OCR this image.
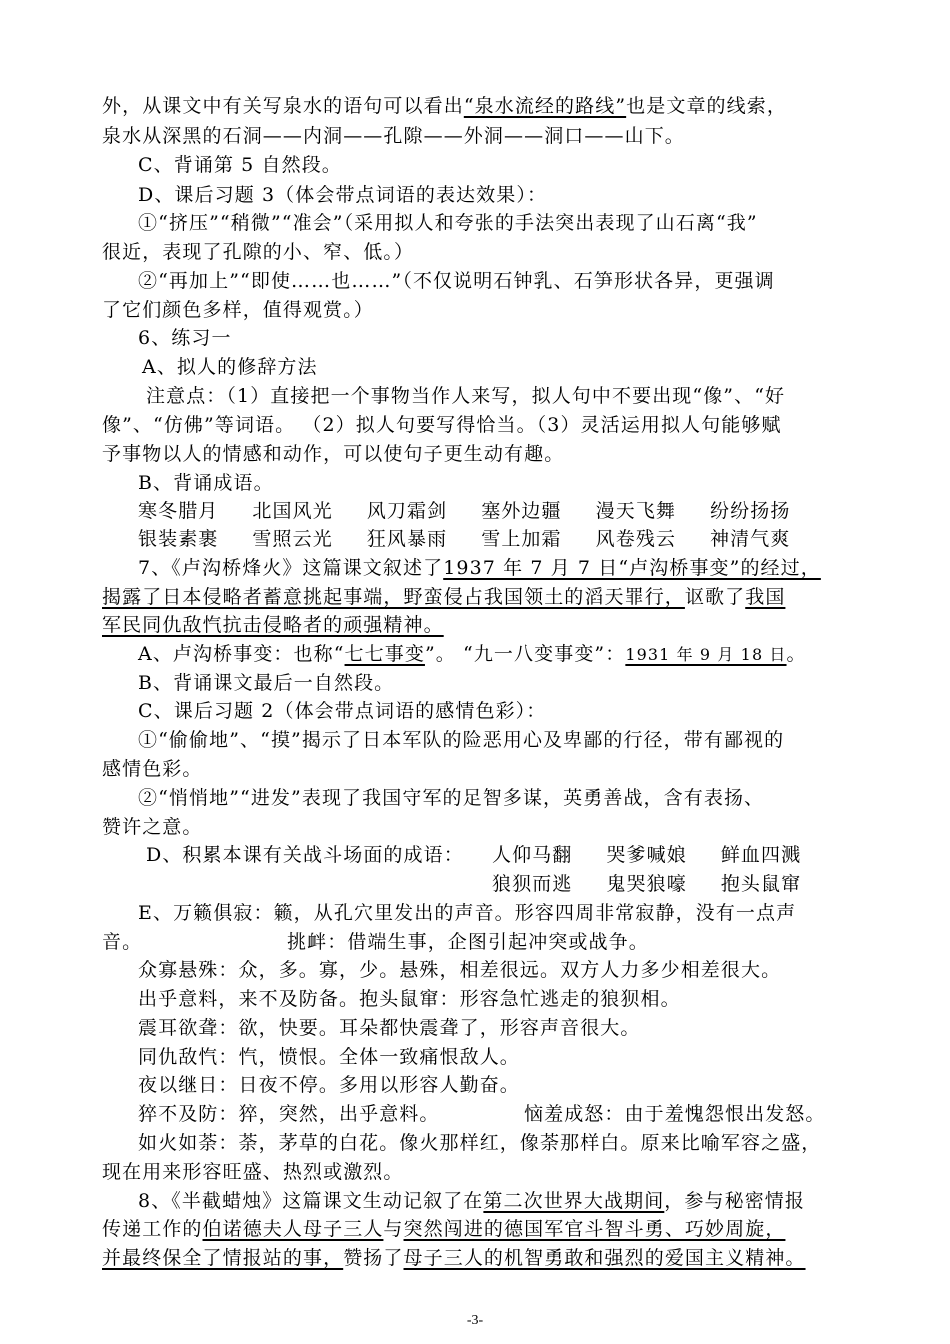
外，从课文中有关写泉水的语句可以看出“泉水流经的路线”也是文章的线索，
泉水从深黑的石洞——内洞——孔隙——外洞——洞口——山下。
C、背诵第 5 自然段。
D、课后习题 3（体会带点词语的表达效果）：
①“挤压”“稍微”“准会”（采用拟人和夸张的手法突出表现了山石离“我”
很近，表现了孔隙的小、窄、低。）
②“再加上”“即使……也……”（不仅说明石钟乳、石笋形状各异，更强调
了它们颜色多样，值得观赏。）
6、练习一
A、拟人的修辞方法
注意点：（1）直接把一个事物当作人来写，拟人句中不要出现“像”、“好
像”、“仿佛”等词语。 （2）拟人句要写得恰当。（3）灵活运用拟人句能够赋
予事物以人的情感和动作，可以使句子更生动有趣。
B、背诵成语。
寒冬腊月 北国风光 风刀霜剑 塞外边疆 漫天飞舞 纷纷扬扬
银装素裹 雪照云光 狂风暴雨 雪上加霜 风卷残云 神清气爽
7、《卢沟桥烽火》这篇课文叙述了1937 年 7 月 7 日“卢沟桥事变”的经过，
揭露了日本侵略者蓄意挑起事端，野蛮侵占我国领土的滔天罪行，讴歌了我国
军民同仇敌忾抗击侵略者的顽强精神。
A、卢沟桥事变：也称“七七事变”。 “九一八变事变”：1931 年 9 月 18 日。
B、背诵课文最后一自然段。
C、课后习题 2（体会带点词语的感情色彩）：
①“偷偷地”、“摸”揭示了日本军队的险恶用心及卑鄙的行径，带有鄙视的
感情色彩。
②“悄悄地”“进发”表现了我国守军的足智多谋，英勇善战，含有表扬、
赞许之意。
D、积累本课有关战斗场面的成语： 人仰马翻 哭爹喊娘 鲜血四溅
狼狈而逃 鬼哭狼嚎 抱头鼠窜
E、万籁俱寂：籁，从孔穴里发出的声音。形容四周非常寂静，没有一点声
音。	挑衅：借端生事，企图引起冲突或战争。
众寡悬殊：众，多。寡，少。悬殊，相差很远。双方人力多少相差很大。
出乎意料，来不及防备。抱头鼠窜：形容急忙逃走的狼狈相。
震耳欲聋：欲，快要。耳朵都快震聋了，形容声音很大。
同仇敌忾：忾，愤恨。全体一致痛恨敌人。
夜以继日：日夜不停。多用以形容人勤奋。
猝不及防：猝，突然，出乎意料。	恼羞成怒：由于羞愧怨恨出发怒。
如火如荼：荼，茅草的白花。像火那样红，像荼那样白。原来比喻军容之盛，
现在用来形容旺盛、热烈或激烈。
8、《半截蜡烛》这篇课文生动记叙了在第二次世界大战期间，参与秘密情报
传递工作的伯诺德夫人母子三人与突然闯进的德国军官斗智斗勇、巧妙周旋，
并最终保全了情报站的事，赞扬了母子三人的机智勇敢和强烈的爱国主义精神。
-3-
